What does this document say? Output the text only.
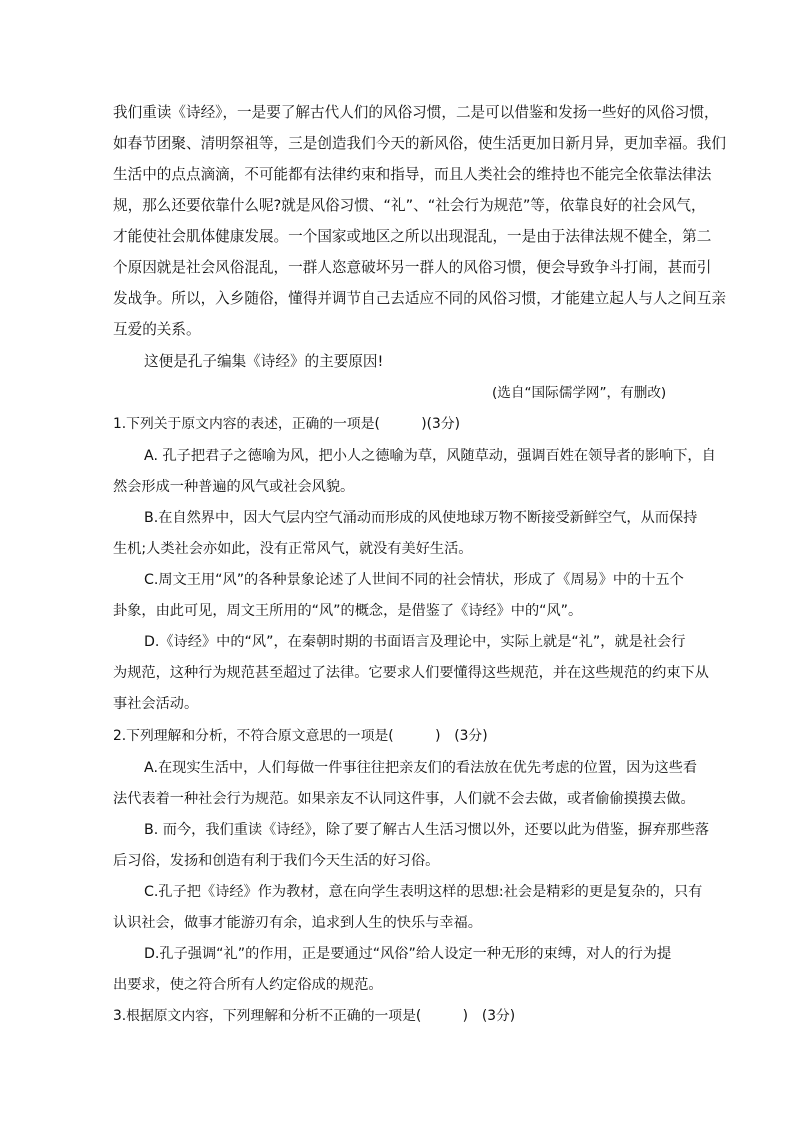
我们重读《诗经》，一是要了解古代人们的风俗习惯，二是可以借鉴和发扬一些好的风俗习惯，
如春节团聚、清明祭祖等，三是创造我们今天的新风俗，使生活更加日新月异，更加幸福。我们
生活中的点点滴滴，不可能都有法律约束和指导，而且人类社会的维持也不能完全依靠法律法
规，那么还要依靠什么呢?就是风俗习惯、“礼”、“社会行为规范”等，依靠良好的社会风气，
才能使社会肌体健康发展。一个国家或地区之所以出现混乱，一是由于法律法规不健全，第二
个原因就是社会风俗混乱，一群人恣意破坏另一群人的风俗习惯，便会导致争斗打闹，甚而引
发战争。所以，入乡随俗，懂得并调节自己去适应不同的风俗习惯，才能建立起人与人之间互亲
互爱的关系。
这便是孔子编集《诗经》的主要原因!
(选自“国际儒学网”，有删改)
1.下列关于原文内容的表述，正确的一项是(　　　)(3分)
A. 孔子把君子之德喻为风，把小人之德喻为草，风随草动，强调百姓在领导者的影响下，自
然会形成一种普遍的风气或社会风貌。
B.在自然界中，因大气层内空气涌动而形成的风使地球万物不断接受新鲜空气，从而保持
生机;人类社会亦如此，没有正常风气，就没有美好生活。
C.周文王用“风”的各种景象论述了人世间不同的社会情状，形成了《周易》中的十五个
卦象，由此可见，周文王所用的“风”的概念，是借鉴了《诗经》中的“风”。
D.《诗经》中的“风”，在秦朝时期的书面语言及理论中，实际上就是“礼”，就是社会行
为规范，这种行为规范甚至超过了法律。它要求人们要懂得这些规范，并在这些规范的约束下从
事社会活动。
2.下列理解和分析，不符合原文意思的一项是(　　　)　(3分)
A.在现实生活中，人们每做一件事往往把亲友们的看法放在优先考虑的位置，因为这些看
法代表着一种社会行为规范。如果亲友不认同这件事，人们就不会去做，或者偷偷摸摸去做。
B. 而今，我们重读《诗经》，除了要了解古人生活习惯以外，还要以此为借鉴，摒弃那些落
后习俗，发扬和创造有利于我们今天生活的好习俗。
C.孔子把《诗经》作为教材，意在向学生表明这样的思想:社会是精彩的更是复杂的，只有
认识社会，做事才能游刃有余，追求到人生的快乐与幸福。
D.孔子强调“礼”的作用，正是要通过“风俗”给人设定一种无形的束缚，对人的行为提
出要求，使之符合所有人约定俗成的规范。
3.根据原文内容，下列理解和分析不正确的一项是(　　　)　(3分)
